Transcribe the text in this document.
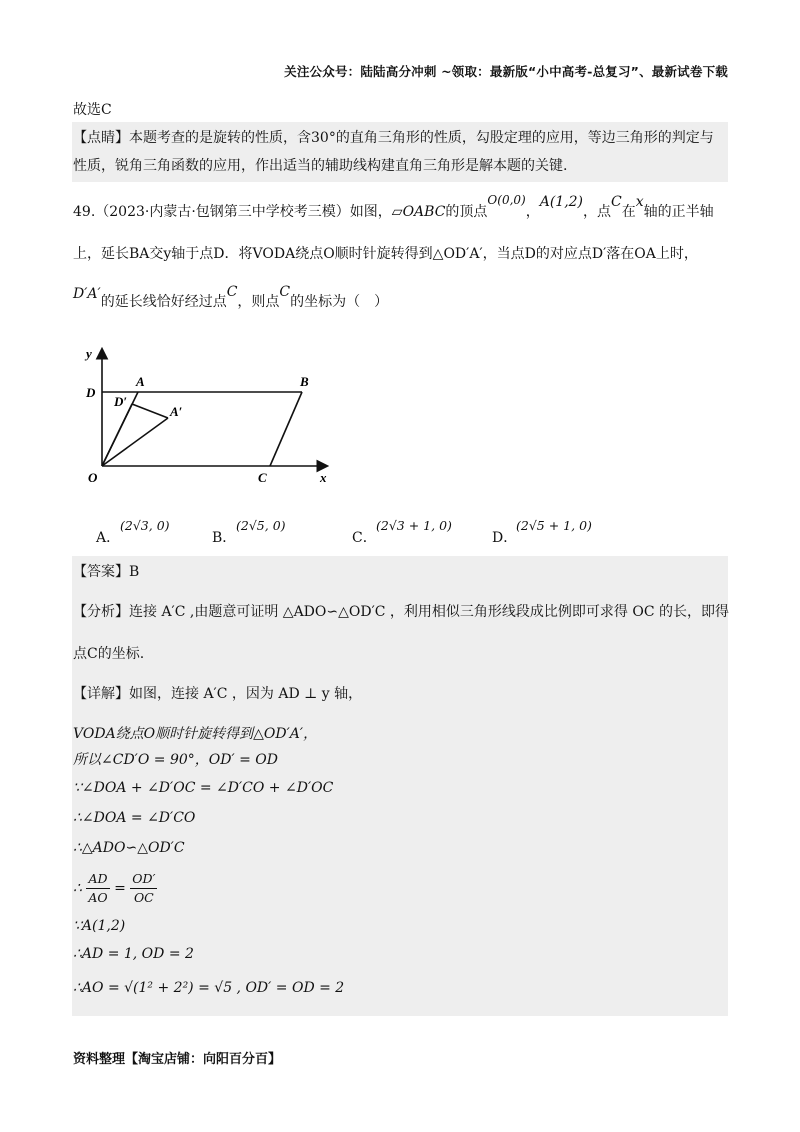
关注公众号：陆陆高分冲刺 ~领取：最新版“小中高考-总复习”、最新试卷下载
故选C
【点睛】本题考查的是旋转的性质，含30°的直角三角形的性质，勾股定理的应用，等边三角形的判定与
性质，锐角三角函数的应用，作出适当的辅助线构建直角三角形是解本题的关键.
49.（2023·内蒙古·包钢第三中学校考三模）如图，▱OABC的顶点O(0,0)，A(1,2)，点C在x轴的正半轴
上，延长BA交y轴于点D．将VODA绕点O顺时针旋转得到△OD′A′，当点D的对应点D′落在OA上时，
D′A′的延长线恰好经过点C，则点C的坐标为（　）
y
x
O
D
A	B
C
D′
A′
A．
(2√3, 0)
B．
(2√5, 0)
C．
(2√3 + 1, 0)
D．
(2√5 + 1, 0)
【答案】B
【分析】连接 A′C ,由题意可证明 △ADO∽△OD′C ，利用相似三角形线段成比例即可求得 OC 的长，即得
点C的坐标.
【详解】如图，连接 A′C ，因为 AD ⊥ y 轴，
VODA绕点O顺时针旋转得到△OD′A′，
所以∠CD′O = 90°，OD′ = OD
∵∠DOA + ∠D′OC = ∠D′CO + ∠D′OC
∴∠DOA = ∠D′CO
∴△ADO∽△OD′C
∴ $\frac{AD}{AO} = \frac{OD'}{OC}$
∵A(1,2)
∴AD = 1, OD = 2
∴AO = √(1² + 2²) = √5 , OD′ = OD = 2
资料整理【淘宝店铺：向阳百分百】
